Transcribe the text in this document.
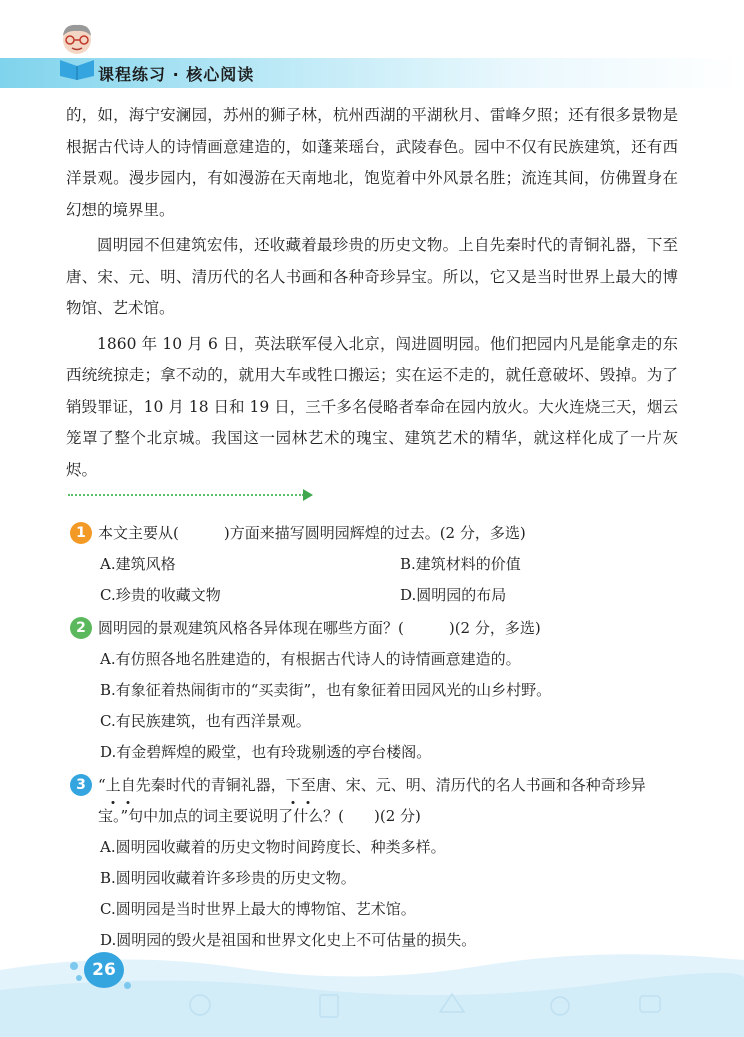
课程练习 · 核心阅读

的，如，海宁安澜园，苏州的狮子林，杭州西湖的平湖秋月、雷峰夕照；还有很多景物是根据古代诗人的诗情画意建造的，如蓬莱瑶台，武陵春色。园中不仅有民族建筑，还有西洋景观。漫步园内，有如漫游在天南地北，饱览着中外风景名胜；流连其间，仿佛置身在幻想的境界里。

圆明园不但建筑宏伟，还收藏着最珍贵的历史文物。上自先秦时代的青铜礼器，下至唐、宋、元、明、清历代的名人书画和各种奇珍异宝。所以，它又是当时世界上最大的博物馆、艺术馆。

1860 年 10 月 6 日，英法联军侵入北京，闯进圆明园。他们把园内凡是能拿走的东西统统掠走；拿不动的，就用大车或牲口搬运；实在运不走的，就任意破坏、毁掉。为了销毁罪证，10 月 18 日和 19 日，三千多名侵略者奉命在园内放火。大火连烧三天，烟云笼罩了整个北京城。我国这一园林艺术的瑰宝、建筑艺术的精华，就这样化成了一片灰烬。

1 本文主要从(　　　)方面来描写圆明园辉煌的过去。(2 分，多选)
A.建筑风格	B.建筑材料的价值
C.珍贵的收藏文物	D.圆明园的布局
2 圆明园的景观建筑风格各异体现在哪些方面？(　　　)(2 分，多选)
A.有仿照各地名胜建造的，有根据古代诗人的诗情画意建造的。
B.有象征着热闹街市的“买卖街”，也有象征着田园风光的山乡村野。
C.有民族建筑，也有西洋景观。
D.有金碧辉煌的殿堂，也有玲珑剔透的亭台楼阁。
3 “上自先秦时代的青铜礼器，下至唐、宋、元、明、清历代的名人书画和各种奇珍异宝。”句中加点的词主要说明了什么？(　　)(2 分)
A.圆明园收藏着的历史文物时间跨度长、种类多样。
B.圆明园收藏着许多珍贵的历史文物。
C.圆明园是当时世界上最大的博物馆、艺术馆。
D.圆明园的毁火是祖国和世界文化史上不可估量的损失。
26
